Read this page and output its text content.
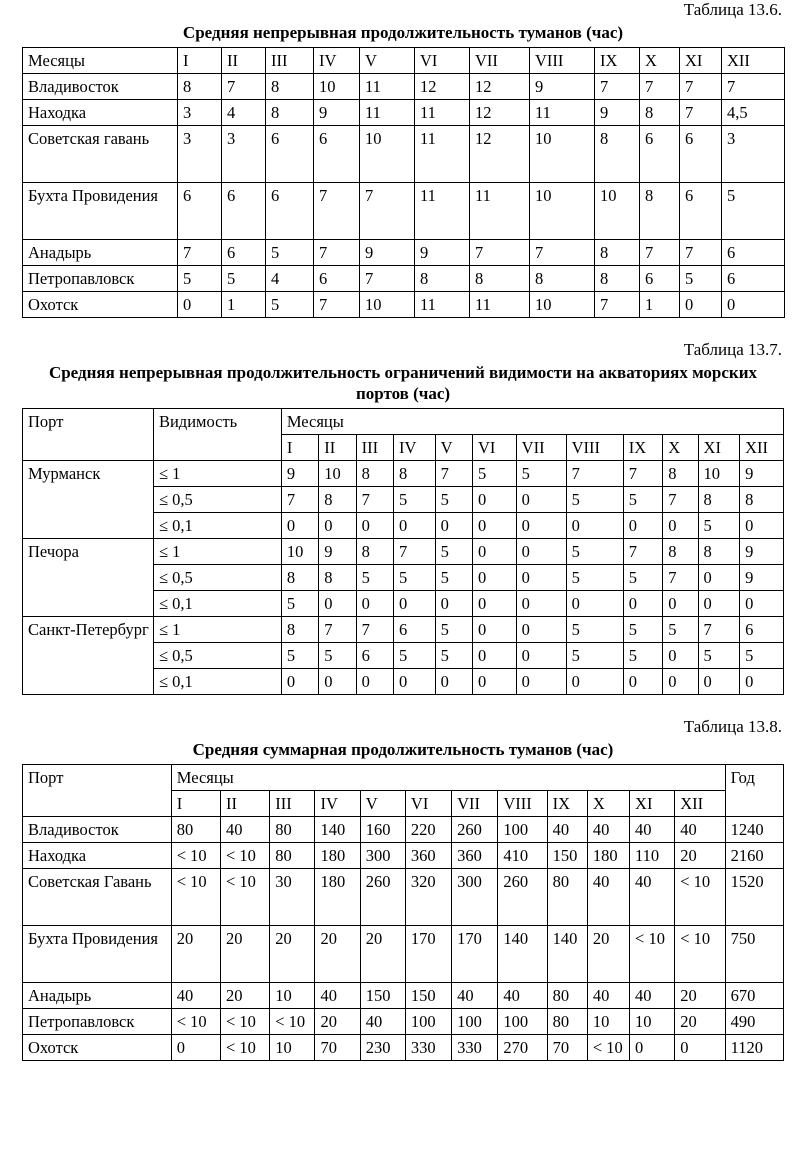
Таблица 13.6.
Средняя непрерывная продолжительность туманов (час)
Месяцы	I	II	III	IV	V	VI	VII	VIII	IX	X	XI	XII
Владивосток	8	7	8	10	11	12	12	9	7	7	7	7
Находка	3	4	8	9	11	11	12	11	9	8	7	4,5
Советская гавань	3	3	6	6	10	11	12	10	8	6	6	3
Бухта Провидения	6	6	6	7	7	11	11	10	10	8	6	5
Анадырь	7	6	5	7	9	9	7	7	8	7	7	6
Петропавловск	5	5	4	6	7	8	8	8	8	6	5	6
Охотск	0	1	5	7	10	11	11	10	7	1	0	0
Таблица 13.7.
Средняя непрерывная продолжительность ограничений видимости на акваториях морских портов (час)
Порт	Видимость	Месяцы											
		I	II	III	IV	V	VI	VII	VIII	IX	X	XI	XII
Мурманск	≤ 1	9	10	8	8	7	5	5	7	7	8	10	9
	≤ 0,5	7	8	7	5	5	0	0	5	5	7	8	8
	≤ 0,1	0	0	0	0	0	0	0	0	0	0	5	0
Печора	≤ 1	10	9	8	7	5	0	0	5	7	8	8	9
	≤ 0,5	8	8	5	5	5	0	0	5	5	7	0	9
	≤ 0,1	5	0	0	0	0	0	0	0	0	0	0	0
Санкт-Петербург	≤ 1	8	7	7	6	5	0	0	5	5	5	7	6
	≤ 0,5	5	5	6	5	5	0	0	5	5	0	5	5
	≤ 0,1	0	0	0	0	0	0	0	0	0	0	0	0
Таблица 13.8.
Средняя суммарная продолжительность туманов (час)
Порт	Месяцы												Год
	I	II	III	IV	V	VI	VII	VIII	IX	X	XI	XII	
Владивосток	80	40	80	140	160	220	260	100	40	40	40	40	1240
Находка	< 10	< 10	80	180	300	360	360	410	150	180	110	20	2160
Советская Гавань	< 10	< 10	30	180	260	320	300	260	80	40	40	< 10	1520
Бухта Провидения	20	20	20	20	20	170	170	140	140	20	< 10	< 10	750
Анадырь	40	20	10	40	150	150	40	40	80	40	40	20	670
Петропавловск	< 10	< 10	< 10	20	40	100	100	100	80	10	10	20	490
Охотск	0	< 10	10	70	230	330	330	270	70	< 10	0	0	1120
